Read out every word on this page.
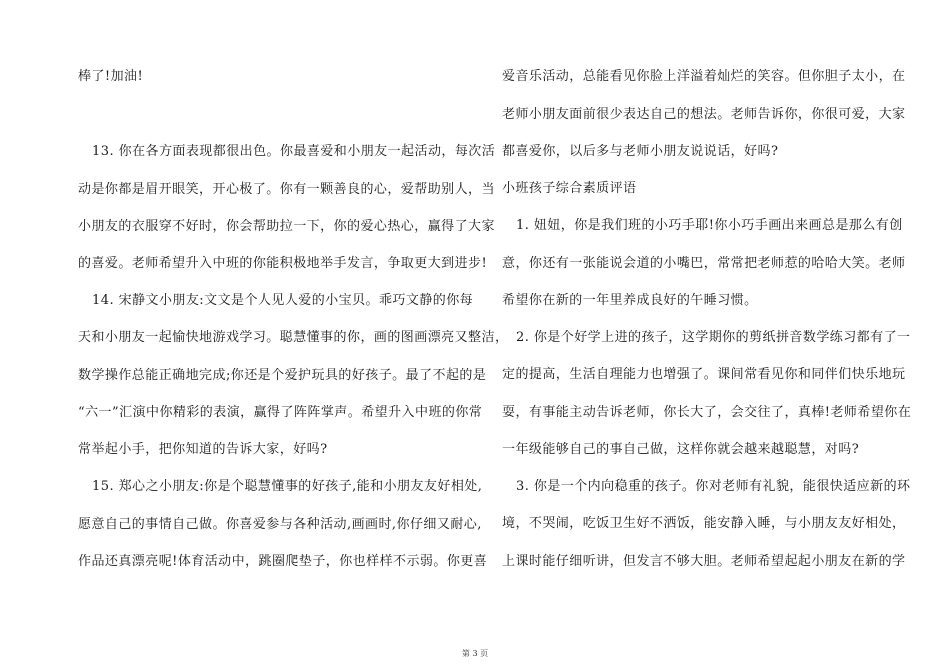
棒了!加油!
13. 你在各方面表现都很出色。你最喜爱和小朋友一起活动，每次活
动是你都是眉开眼笑，开心极了。你有一颗善良的心，爱帮助别人，当
小朋友的衣服穿不好时，你会帮助拉一下，你的爱心热心，赢得了大家
的喜爱。老师希望升入中班的你能积极地举手发言，争取更大到进步!
14. 宋静文小朋友:文文是个人见人爱的小宝贝。乖巧文静的你每
天和小朋友一起愉快地游戏学习。聪慧懂事的你，画的图画漂亮又整洁，
数学操作总能正确地完成;你还是个爱护玩具的好孩子。最了不起的是
“六一”汇演中你精彩的表演，赢得了阵阵掌声。希望升入中班的你常
常举起小手，把你知道的告诉大家，好吗?
15. 郑心之小朋友:你是个聪慧懂事的好孩子,能和小朋友友好相处,
愿意自己的事情自己做。你喜爱参与各种活动,画画时,你仔细又耐心,
作品还真漂亮呢!体育活动中，跳圈爬垫子，你也样样不示弱。你更喜
爱音乐活动，总能看见你脸上洋溢着灿烂的笑容。但你胆子太小，在
老师小朋友面前很少表达自己的想法。老师告诉你，你很可爱，大家
都喜爱你，以后多与老师小朋友说说话，好吗?
小班孩子综合素质评语
1. 妞妞，你是我们班的小巧手耶!你小巧手画出来画总是那么有创
意，你还有一张能说会道的小嘴巴，常常把老师惹的哈哈大笑。老师
希望你在新的一年里养成良好的午睡习惯。
2. 你是个好学上进的孩子，这学期你的剪纸拼音数学练习都有了一
定的提高，生活自理能力也增强了。课间常看见你和同伴们快乐地玩
耍，有事能主动告诉老师，你长大了，会交往了，真棒!老师希望你在
一年级能够自己的事自己做，这样你就会越来越聪慧，对吗?
3. 你是一个内向稳重的孩子。你对老师有礼貌，能很快适应新的环
境，不哭闹，吃饭卫生好不洒饭，能安静入睡，与小朋友友好相处，
上课时能仔细听讲，但发言不够大胆。老师希望起起小朋友在新的学
第 3 页
